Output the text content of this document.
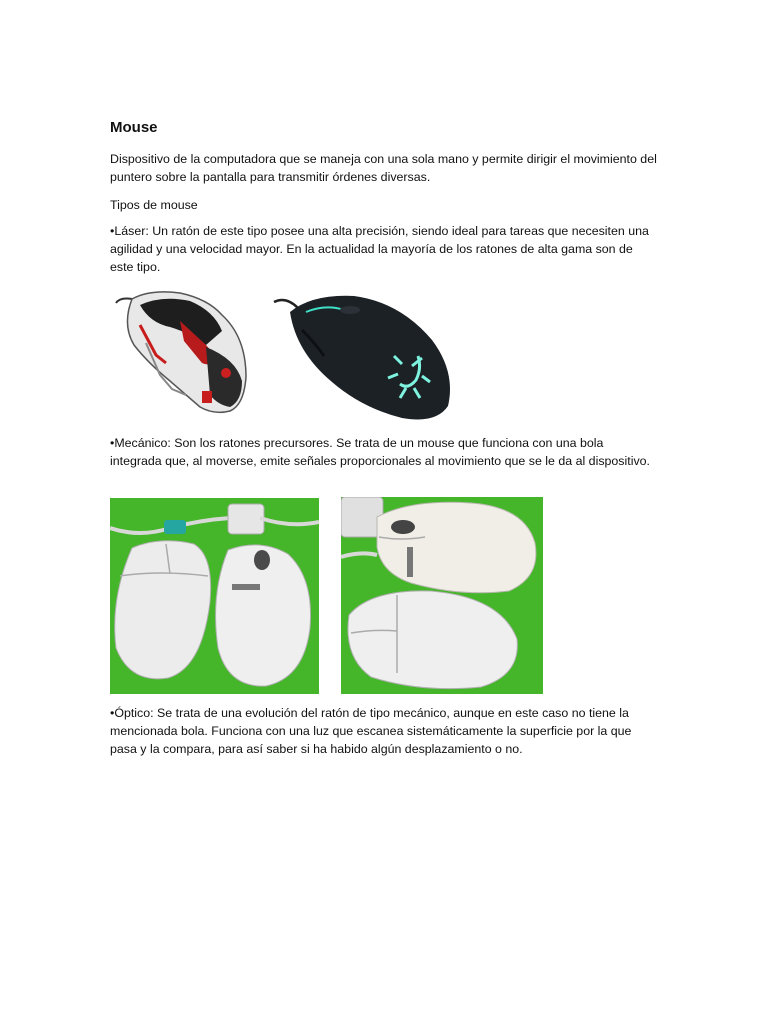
Mouse

Dispositivo de la computadora que se maneja con una sola mano y permite dirigir el movimiento del puntero sobre la pantalla para transmitir órdenes diversas.

Tipos de mouse

•Láser: Un ratón de este tipo posee una alta precisión, siendo ideal para tareas que necesiten una agilidad y una velocidad mayor. En la actualidad la mayoría de los ratones de alta gama son de este tipo.

•Mecánico: Son los ratones precursores. Se trata de un mouse que funciona con una bola integrada que, al moverse, emite señales proporcionales al movimiento que se le da al dispositivo.

•Óptico: Se trata de una evolución del ratón de tipo mecánico, aunque en este caso no tiene la mencionada bola. Funciona con una luz que escanea sistemáticamente la superficie por la que pasa y la compara, para así saber si ha habido algún desplazamiento o no.
